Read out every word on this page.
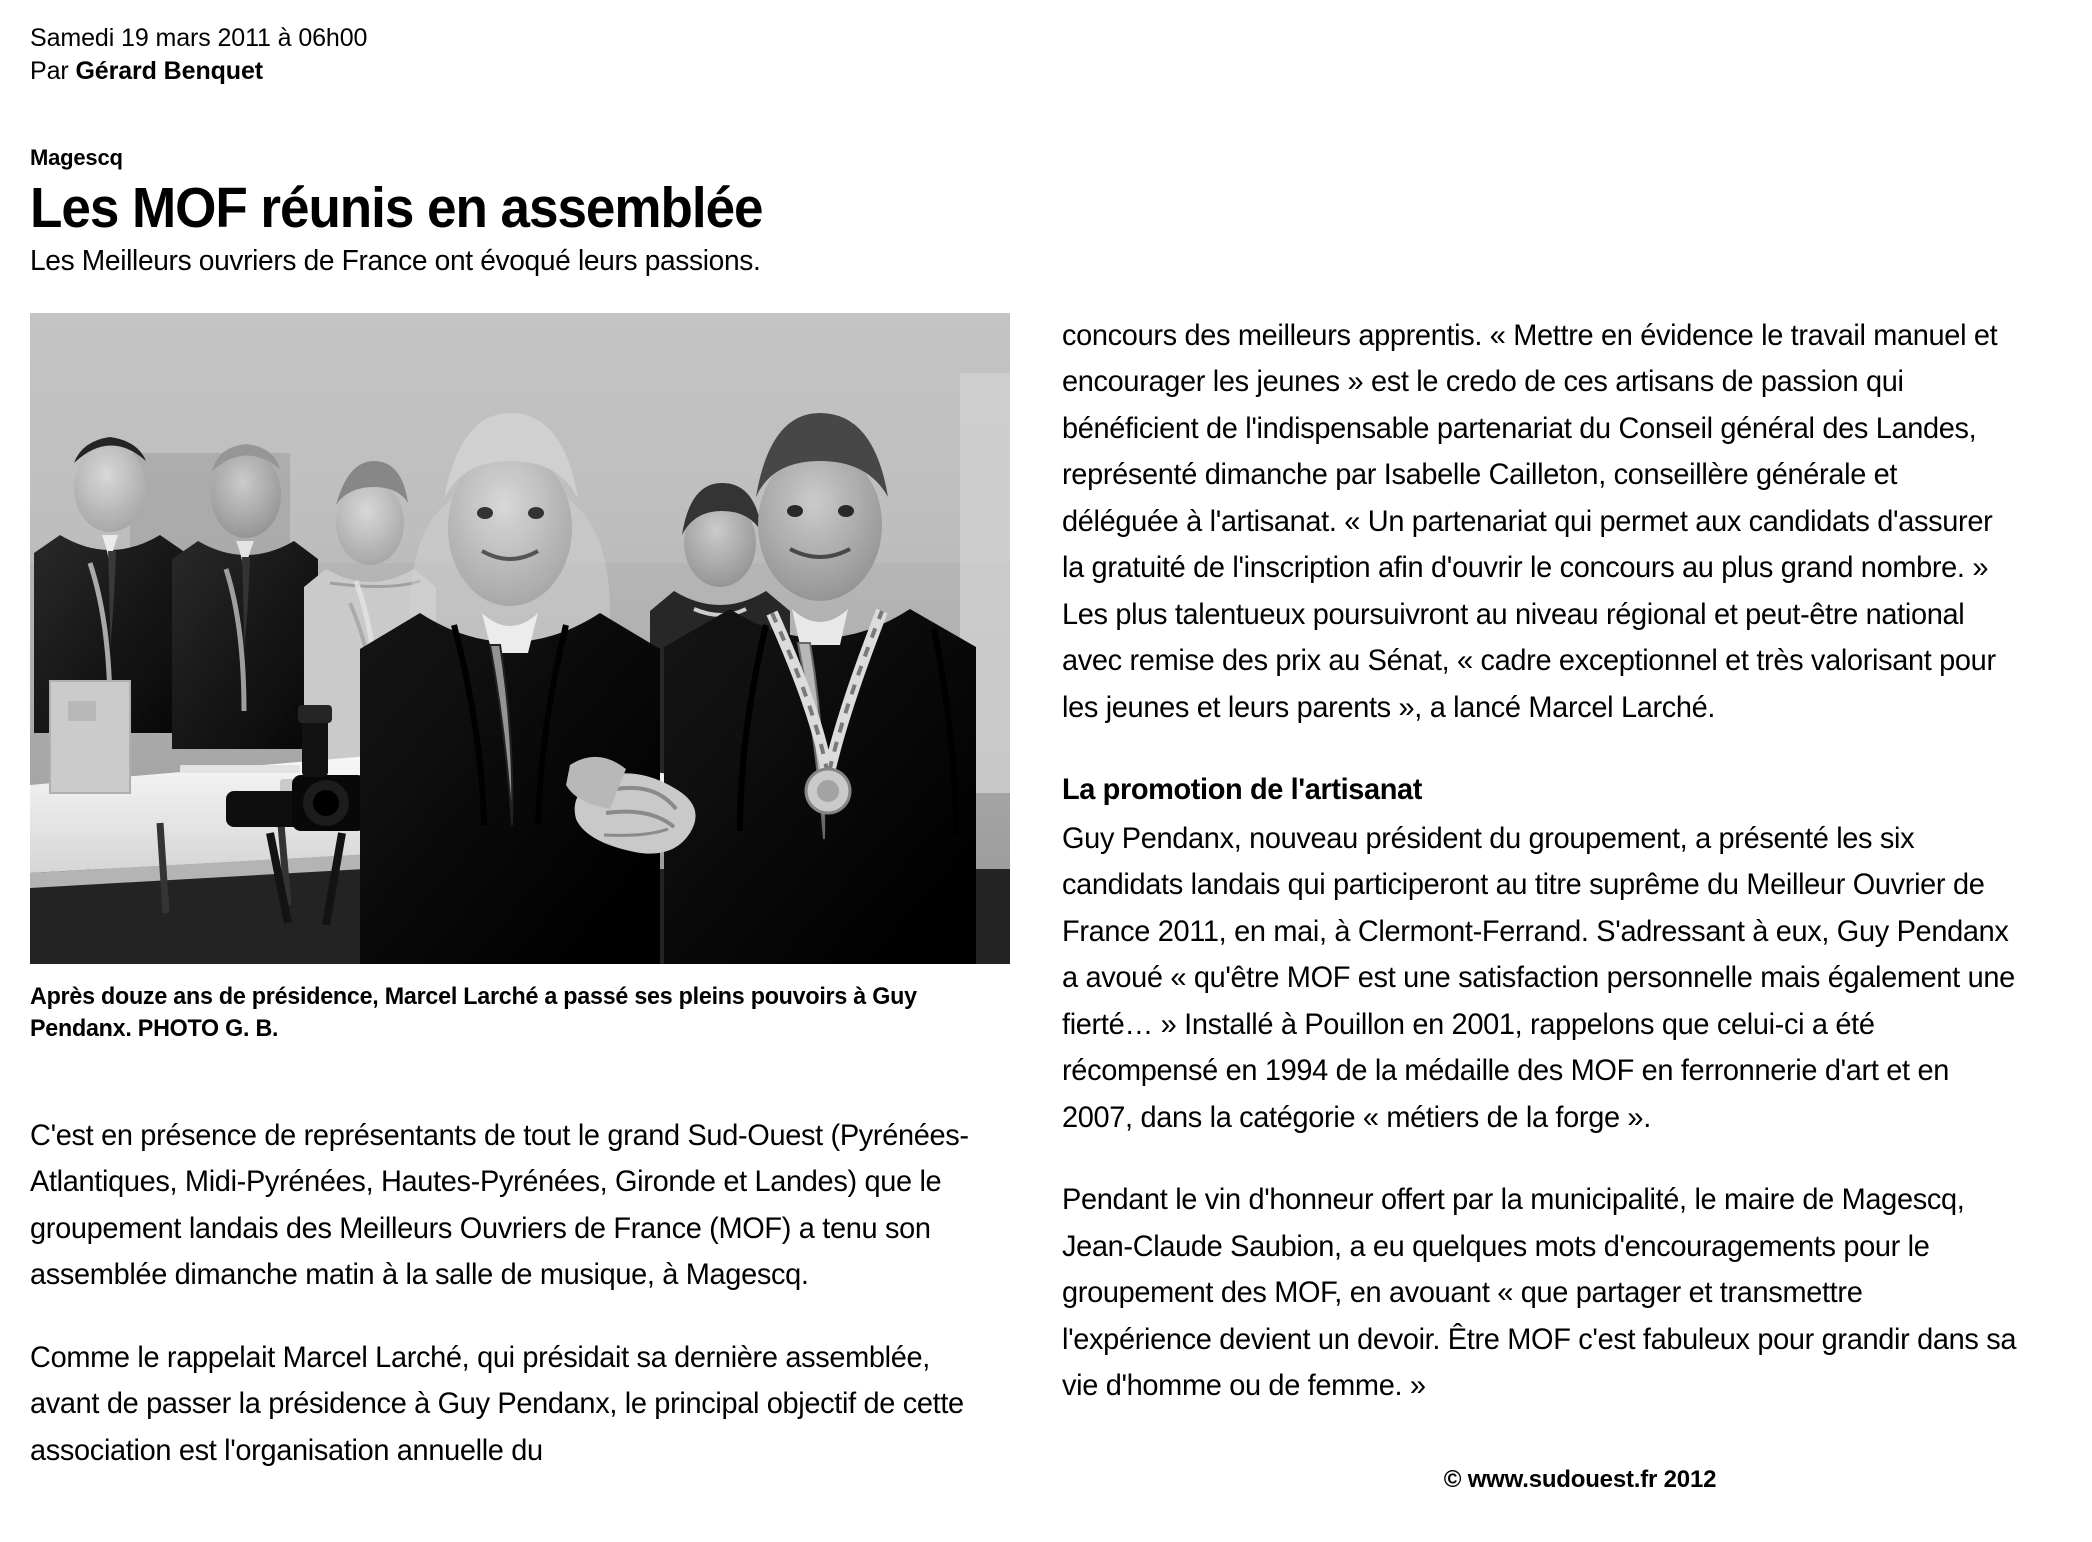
Samedi 19 mars 2011 à 06h00
Par Gérard Benquet
Magescq
Les MOF réunis en assemblée
Les Meilleurs ouvriers de France ont évoqué leurs passions.
Après douze ans de présidence, Marcel Larché a passé ses pleins pouvoirs à Guy Pendanx. PHOTO G. B.

C'est en présence de représentants de tout le grand Sud-Ouest (Pyrénées-Atlantiques, Midi-Pyrénées, Hautes-Pyrénées, Gironde et Landes) que le groupement landais des Meilleurs Ouvriers de France (MOF) a tenu son assemblée dimanche matin à la salle de musique, à Magescq.

Comme le rappelait Marcel Larché, qui présidait sa dernière assemblée, avant de passer la présidence à Guy Pendanx, le principal objectif de cette association est l'organisation annuelle du

concours des meilleurs apprentis. « Mettre en évidence le travail manuel et encourager les jeunes » est le credo de ces artisans de passion qui bénéficient de l'indispensable partenariat du Conseil général des Landes, représenté dimanche par Isabelle Cailleton, conseillère générale et déléguée à l'artisanat. « Un partenariat qui permet aux candidats d'assurer la gratuité de l'inscription afin d'ouvrir le concours au plus grand nombre. » Les plus talentueux poursuivront au niveau régional et peut-être national avec remise des prix au Sénat, « cadre exceptionnel et très valorisant pour les jeunes et leurs parents », a lancé Marcel Larché.

La promotion de l'artisanat

Guy Pendanx, nouveau président du groupement, a présenté les six candidats landais qui participeront au titre suprême du Meilleur Ouvrier de France 2011, en mai, à Clermont-Ferrand. S'adressant à eux, Guy Pendanx a avoué « qu'être MOF est une satisfaction personnelle mais également une fierté… » Installé à Pouillon en 2001, rappelons que celui-ci a été récompensé en 1994 de la médaille des MOF en ferronnerie d'art et en 2007, dans la catégorie « métiers de la forge ».

Pendant le vin d'honneur offert par la municipalité, le maire de Magescq, Jean-Claude Saubion, a eu quelques mots d'encouragements pour le groupement des MOF, en avouant « que partager et transmettre l'expérience devient un devoir. Être MOF c'est fabuleux pour grandir dans sa vie d'homme ou de femme. »

© www.sudouest.fr 2012
